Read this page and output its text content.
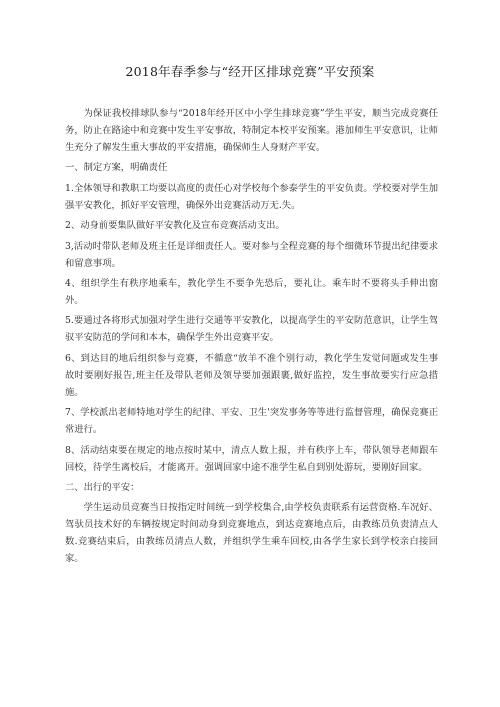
2018年春季参与“经开区排球竞赛”平安预案

为保证我校排球队参与“2018年经开区中小学生排球竞赛”学生平安，顺当完成竞赛任务，防止在路途中和竞赛中发生平安事故，特制定本校平安预案。港加师生平安意识，让师生充分了解发生重大事故的平安措施，确保师生人身财产平安。

一、制定方案，明确责任

1.全体领导和教职工均要以高度的责任心对学校每个参泰学生的平安负责。学校要对学生加强平安教化，抓好平安管理，确保外出竞赛活动万无.失。

2、动身前要集队做好平安教化及宣布竞赛活动支出。

3,活动时带队老师及班主任是详细责任人。要对参与全程竞赛的每个细微环节提出纪律要求和留意事项。

4、组织学生有秩序地乘车，教化学生不要争先恐后，要礼让。乘车时不要将头手伸出窗外。

5.要通过各将形式加强对学生进行交通等平安教化，以提高学生的平安防范意识，让学生驾驭平安防范的学问和本本，确保学生外出竞赛平安。

6、到达目的地后组织参与竞赛，不循意“放羊不准个别行动，教化学生发觉问题或发生事故时要刚好报告,班主任及带队老师及领导要加强跟裹,做好监控，发生事故要实行应急措施。

7、学校派出老师特地对学生的纪律、平安、卫生'突发事务等等进行监督管理，确保竞赛正常进行。

8、活动结束要在规定的地点按时某中，清点人数上报，并有秩序上车，带队领导老师跟车回校，待学生离校后，才能离开。强调回家中途不准学生私自到别处游玩，要刚好回家。

二、出行的平安：

学生运动员竞赛当日按指定时间统一到学校集合,由学校负责联系有运营资格.车况好、驾驮员技术好的车辆按规定时间动身到竞赛地点，到达竞赛地点后，由教练员负责清点人数.竞赛结束后，由教练员清点人数，并组织学生乘车回校,由各学生家长到学校亲白接回家。
